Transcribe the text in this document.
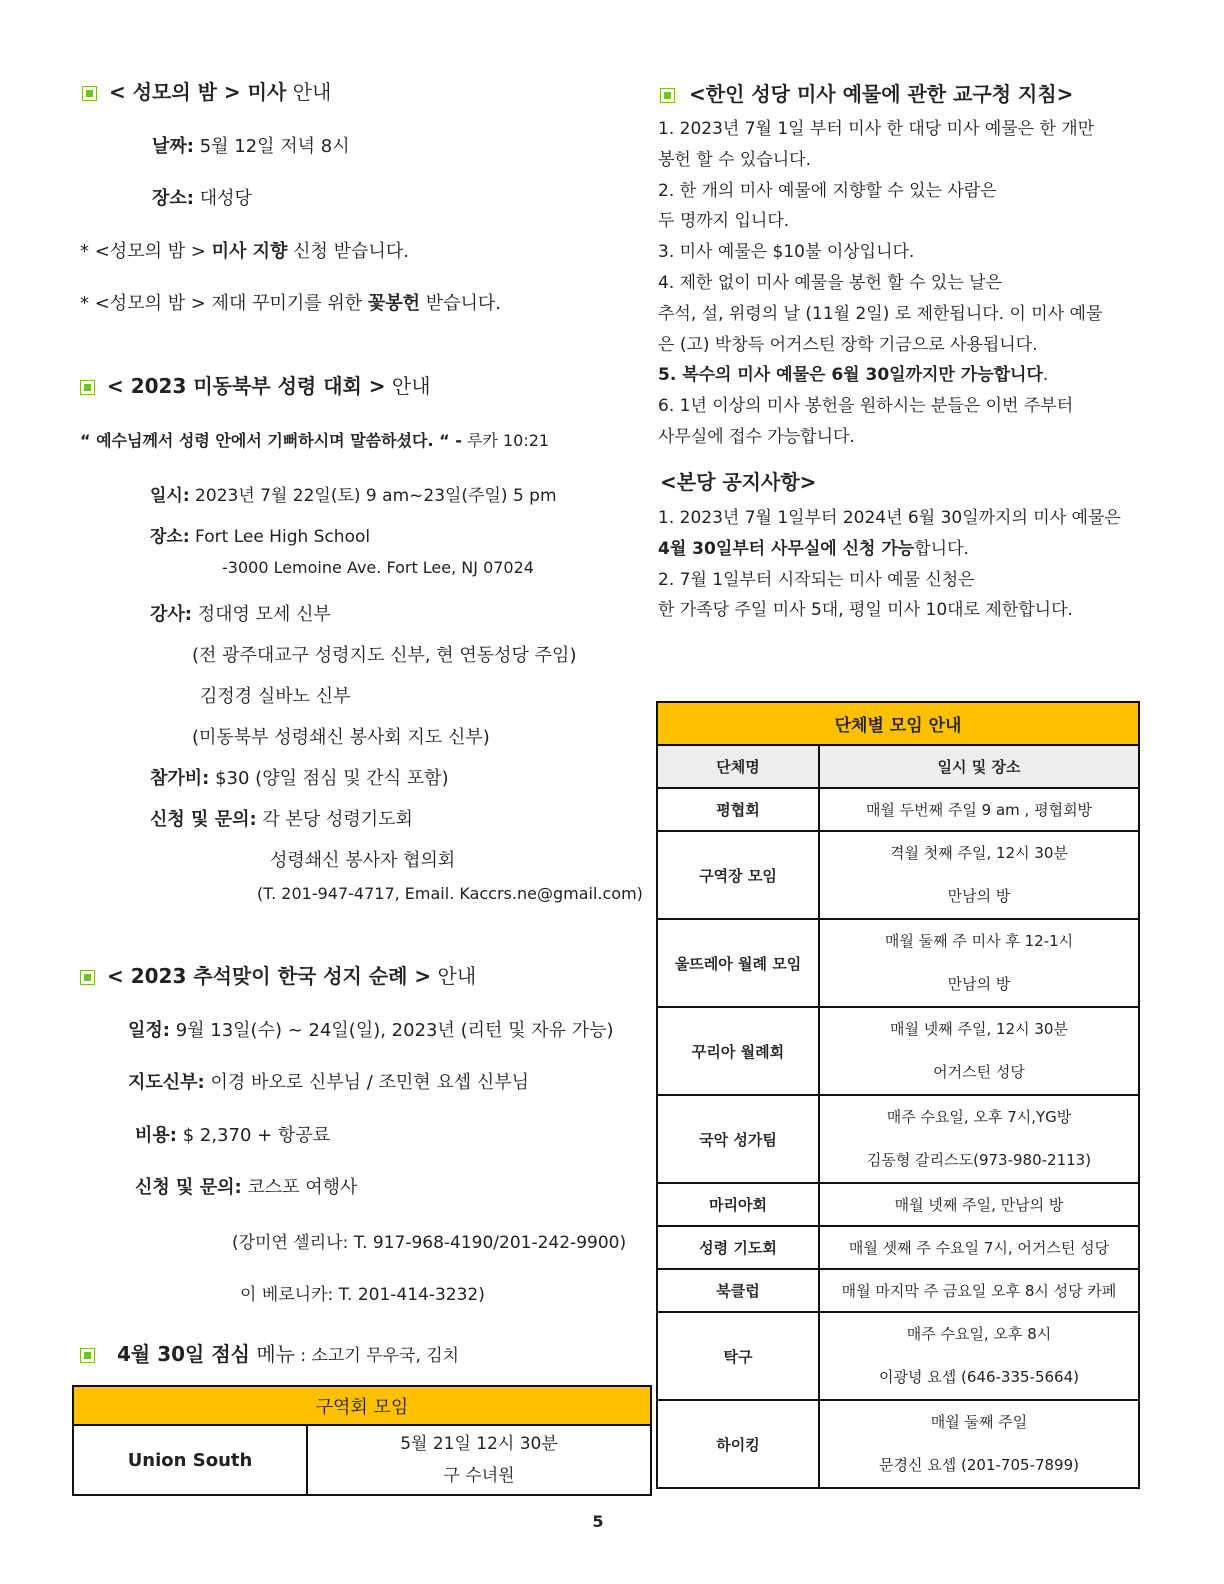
< 성모의 밤 > 미사 안내
날짜: 5월 12일 저녁 8시
장소: 대성당
* <성모의 밤 > 미사 지향 신청 받습니다.
* <성모의 밤 > 제대 꾸미기를 위한 꽃봉헌 받습니다.
< 2023 미동북부 성령 대회 > 안내
“ 예수님께서 성령 안에서 기뻐하시며 말씀하셨다. “ - 루카 10:21
일시: 2023년 7월 22일(토) 9 am~23일(주일) 5 pm
장소: Fort Lee High School
-3000 Lemoine Ave. Fort Lee, NJ 07024
강사: 정대영 모세 신부
(전 광주대교구 성령지도 신부, 현 연동성당 주임)
김정경 실바노 신부
(미동북부 성령쇄신 봉사회 지도 신부)
참가비: $30 (양일 점심 및 간식 포함)
신청 및 문의: 각 본당 성령기도회
성령쇄신 봉사자 협의회
(T. 201-947-4717, Email. Kaccrs.ne@gmail.com)
< 2023 추석맞이 한국 성지 순례 > 안내
일정: 9월 13일(수) ~ 24일(일), 2023년 (리턴 및 자유 가능)
지도신부: 이경 바오로 신부님 / 조민현 요셉 신부님
비용: $ 2,370 + 항공료
신청 및 문의: 코스포 여행사
(강미연 셀리나: T. 917-968-4190/201-242-9900)
이 베로니카: T. 201-414-3232)
4월 30일 점심 메뉴 : 소고기 무우국, 김치
구역회 모임
Union South	
5월 21일 12시 30분
구 수녀원
<한인 성당 미사 예물에 관한 교구청 지침>
1. 2023년 7월 1일 부터 미사 한 대당 미사 예물은 한 개만
봉헌 할 수 있습니다.
2. 한 개의 미사 예물에 지향할 수 있는 사람은
두 명까지 입니다.
3. 미사 예물은 $10불 이상입니다.
4. 제한 없이 미사 예물을 봉헌 할 수 있는 날은
추석, 설, 위령의 날 (11월 2일) 로 제한됩니다. 이 미사 예물
은 (고) 박창득 어거스틴 장학 기금으로 사용됩니다.
5. 복수의 미사 예물은 6월 30일까지만 가능합니다.
6. 1년 이상의 미사 봉헌을 원하시는 분들은 이번 주부터
사무실에 접수 가능합니다.
<본당 공지사항>
1. 2023년 7월 1일부터 2024년 6월 30일까지의 미사 예물은
4월 30일부터 사무실에 신청 가능합니다.
2. 7월 1일부터 시작되는 미사 예물 신청은
한 가족당 주일 미사 5대, 평일 미사 10대로 제한합니다.
단체별 모임 안내	
단체명	일시 및 장소
평협회	매월 두번째 주일 9 am , 평협회방
구역장 모임	격월 첫째 주일, 12시 30분
만남의 방

울뜨레아 월례 모임	매월 둘째 주 미사 후 12-1시
만남의 방

꾸리아 월례회	매월 넷째 주일, 12시 30분
어거스틴 성당

국악 성가팀	매주 수요일, 오후 7시,YG방
김동형 갈리스도(973-980-2113)

마리아회	매월 넷째 주일, 만남의 방
성령 기도회	매월 셋째 주 수요일 7시, 어거스틴 성당
북클럽	매월 마지막 주 금요일 오후 8시 성당 카페
탁구	매주 수요일, 오후 8시
이광녕 요셉 (646-335-5664)

하이킹	매월 둘째 주일
문경신 요셉 (201-705-7899)
5
